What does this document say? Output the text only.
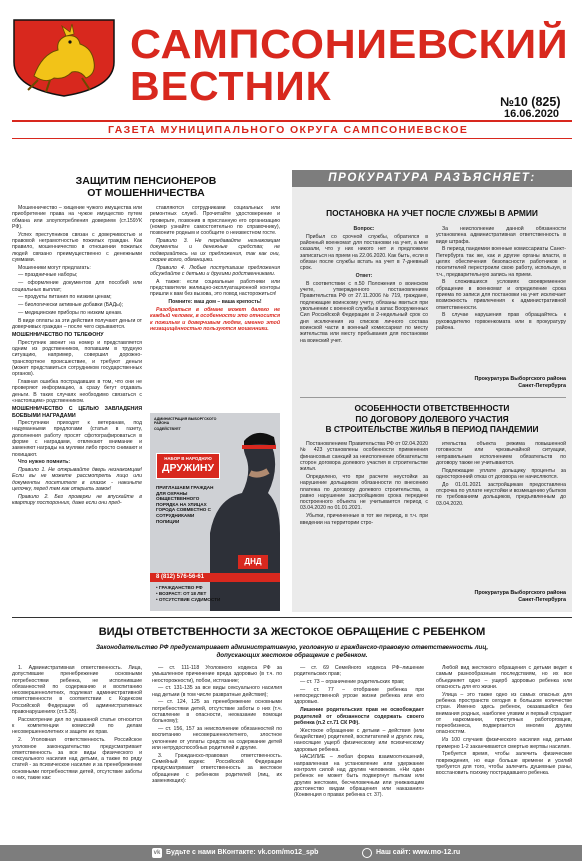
САМПСОНИЕВСКИЙ
ВЕСТНИК	№10 (825)
16.06.2020
ГАЗЕТА МУНИЦИПАЛЬНОГО ОКРУГА САМПСОНИЕВСКОЕ
ЗАЩИТИМ ПЕНСИОНЕРОВ
ОТ МОШЕННИЧЕСТВА

Мошенничество – хищение чужого имущества или приобретение права на чужое имущество путем обмана или злоупотребления доверием (ст.159УК РФ).

Успех преступников связан с доверчивостью и правовой неграмотностью пожилых граждан. Как правило, мошенничество в отношении пожилых людей связано преимущественно с денежными суммами.

Мошенники могут предлагать:

— праздничные наборы;

— оформление документов для пособий или социальных выплат;

— продукты питания по низким ценам;

— биологически активные добавки (БАДы);

— медицинские приборы по низким ценам.

В виде оплаты за эти действия получают деньги от доверчивых граждан – после чего скрываются.

МОШЕННИЧЕСТВО ПО ТЕЛЕФОНУ

Преступник звонит на номер и представляется одним из родственников, попавшим в трудную ситуацию, например, совершил дорожно-транспортное происшествие, и требуют деньги (может представиться сотрудником государственных органов).

Главная ошибка пострадавших в том, что они не проверяют информацию, а сразу бегут отдавать деньги. В таких случаях необходимо связаться с «настоящим» родственником.

МОШЕННИЧЕСТВО С ЦЕЛЬЮ ЗАВЛАДЕНИЯ БОЕВЫМИ НАГРАДАМИ

Преступники приходят к ветеранам, под надуманными предлогами (статья в газету, дополнения работу просят сфотографироваться в форме с наградами, отвлекают внимание и заменяют награды на муляжи либо просто снимают и похищают.

Что нужно помнить:

Правило 1. Не открывайте дверь незнакомцам! Если вы не можете рассмотреть лицо или документы посетителя в глазок - накиньте цепочку, перед тем как открыть замок!

Правило 2. Без проверки не впускайте в квартиру посторонних, даже если они пред-

ставляются сотрудниками социальных или ремонтных служб. Прочитайте удостоверение и проверьте, позвонив в присланную его организацию (номер узнайте самостоятельно по справочнику), позвоните родным и сообщите о неизвестном госте.

Правило 3. Не передавайте незнакомцам документы и денежные средства; не подвергайтесь на их предложения, так как они, скорее всего, обманщики.

Правило 4. Любые поступившие предложения обсуждайте с детьми и другими родственниками.

А также: если социальные работники или представители жилищно-эксплуатационной конторы пришли к вам без вызова, это повод насторожиться!

Помните: ваш дом – ваша крепость!

Разобраться в обмане может далеко не каждый человек, в особенности это относится к пожилым и доверчивым людям, именно этой незащищённостью пользуются мошенники.

АДМИНИСТРАЦИЯ ВЫБОРГСКОГО РАЙОНА
СОДЕЙСТВУЕТ
НАБОР В НАРОДНУЮ
ДРУЖИНУ
ПРИГЛАШАЕМ ГРАЖДАН ДЛЯ ОХРАНЫ ОБЩЕСТВЕННОГО ПОРЯДКА НА УЛИЦАХ ГОРОДА СОВМЕСТНО С СОТРУДНИКАМИ ПОЛИЦИИ
ДНД
8 (812) 576-56-61
• ГРАЖДАНСТВО РФ
• ВОЗРАСТ: ОТ 18 ЛЕТ
• ОТСУТСТВИЕ СУДИМОСТИ
ПРОКУРАТУРА РАЗЪЯСНЯЕТ:
ПОСТАНОВКА НА УЧЕТ ПОСЛЕ СЛУЖБЫ В АРМИИ

Вопрос:

Прибыл со срочной службы, обратился в районный военкомат для постановки на учет, а мне сказали, что у них никого нет и предложили записаться на прием на 22.06.2020. Как быть, если в обязан после службы встать на учет в 7-дневный срок.

Ответ:

В соответствии с п.50 Положения о воинском учете, утвержденного постановлением Правительства РФ от 27.11.2006 № 719, граждане, подлежащие воинскому учету, обязаны явиться при увольнении с военной службы в запас Вооруженных Сил Российской Федерации в 2-недельный срок со дня исключения из списков личного состава воинской части в военный комиссариат по месту жительства или месту пребывания для постановки на воинский учет.

За неисполнение данной обязанности установлена административная ответственность в виде штрафа.

В период пандемии военные комиссариаты Санкт-Петербурга так же, как и другие органы власти, в целях обеспечения безопасности работников и посетителей перестроили свою работу, используя, в т.ч., предварительную запись на прием.

В сложившихся условиях своевременное обращение в военкомат и определение срока приема по записи для постановки на учет исключает возможность привлечения к административной ответственности.

В случае нарушения прав обращайтесь к руководителю горвоенкомата или в прокуратуру района.

Прокуратура Выборгского района
Санкт-Петербурга
ОСОБЕННОСТИ ОТВЕТСТВЕННОСТИ
ПО ДОГОВОРУ ДОЛЕВОГО УЧАСТИЯ
В СТРОИТЕЛЬСТВЕ ЖИЛЬЯ В ПЕРИОД ПАНДЕМИИ

Постановлением Правительства РФ от 02.04.2020 № 423 установлены особенности применения финансовых санкций за неисполнение обязательств сторон договора долевого участия в строительстве жилья.

Определено, что при расчете неустойки за нарушение дольщиком обязанности по внесению платежа по договору долевого строительства, а равно нарушение застройщиком срока передачи построенного объекта не учитывается период с 03.04.2020 по 01.01.2021.

Убытки, причиненные в тот же период, в т.ч. при введении на территории стро-

ительства объекта режима повышенной готовности или чрезвычайной ситуации, неправильным исполнением обязательств по договору также не учитываются.

Подлежащие уплате дольщику проценты за односторонний отказ от договора не начисляются.

До 01.01.2021 застройщикам предоставлена отсрочка по уплате неустойки и возмещению убытков по требованиям дольщиков, предъявленным до 03.04.2020.

Прокуратура Выборгского района
Санкт-Петербурга
ВИДЫ ОТВЕТСТВЕННОСТИ ЗА ЖЕСТОКОЕ ОБРАЩЕНИЕ С РЕБЕНКОМ
Законодательство РФ предусматривает административную, уголовную и гражданско-правовую ответственность лиц,
допускающих жестокое обращение с ребенком.

1. Административная ответственность. Лица, допустившие пренебрежение основными потребностями ребенка, не исполнившие обязанностей по содержанию и воспитанию несовершеннолетних, подлежат административной ответственности в соответствии с Кодексом Российской Федерации об административных правонарушениях (ст.5.35).

Рассмотрение дел по указанной статье относится к компетенции комиссий по делам несовершеннолетних и защите их прав.

2. Уголовная ответственность. Российское уголовное законодательство предусматривает ответственность за все виды физического и сексуального насилия над детьми, а также по ряду статей - за психическое насилие и за пренебрежение основными потребностями детей, отсутствие заботы о них, такие как:

— ст. 111-118 Уголовного кодекса РФ за умышленное причинение вреда здоровью (в т.ч. по неосторожности), побои, истязание;

— ст. 131-135 за все виды сексуального насилия над детьми (в том числе развратные действия);

— ст. 124, 125 за пренебрежение основными потребностями детей, отсутствие заботы о них (т.ч. оставление в опасности, неоказание помощи больному);

— ст. 156, 157 за неисполнение обязанностей по воспитанию несовершеннолетнего, злостное уклонение от уплаты средств на содержание детей или нетрудоспособных родителей и другие.

3. Гражданско-правовая ответственность. Семейный кодекс Российской Федерации предусматривает ответственность за жестокое обращение с ребенком родителей (лиц, их заменяющих):

— ст. 69 Семейного кодекса РФ–лишение родительских прав;

— ст. 73 – ограничение родительских прав;

— ст. 77 – отобрание ребенка при непосредственной угрозе жизни ребенка или его здоровью.

Лишение родительских прав не освобождает родителей от обязанности содержать своего ребенка (п.2 ст.71 СК РФ).

Жестокое обращение с детьми – действия (или бездействие) родителей, воспитателей и других лиц, наносящие ущерб физическому или психическому здоровью ребенка.

НАСИЛИЕ – любая форма взаимоотношений, направленная на установление или удержание контроля силой над другим человеком. «Ни один ребенок не может быть подвергнут пыткам или другим жестоким, бесчеловечным или унижающим достоинство видам обращения или наказания» (Конвенция о правах ребенка ст. 37).

Любой вид жестокого обращения с детьми ведет к самым разнообразным последствиям, но их все объединяет одно – ущерб здоровью ребенка или опасность для его жизни.

Улица – это также одно из самых опасных для ребенка пространств сегодня в большом количестве стран. Именно здесь ребенок, оказавшийся без внимания родных, наиболее уязвим и первый страдает от наркомании, преступных работорговцев, порнобизнеса, подвергается многим другим опасностям.

Из 100 случаев физического насилия над детьми примерно 1-2 заканчиваются смертью жертвы насилия.

Требуется время, чтобы залечить физические повреждения, но еще больше времени и усилий требуется для того, чтобы залечить душевные раны, восстановить психику пострадавшего ребенка.

vk Будьте с нами ВКонтакте: vk.com/mo12_spb	Наш сайт: www.mo-12.ru
